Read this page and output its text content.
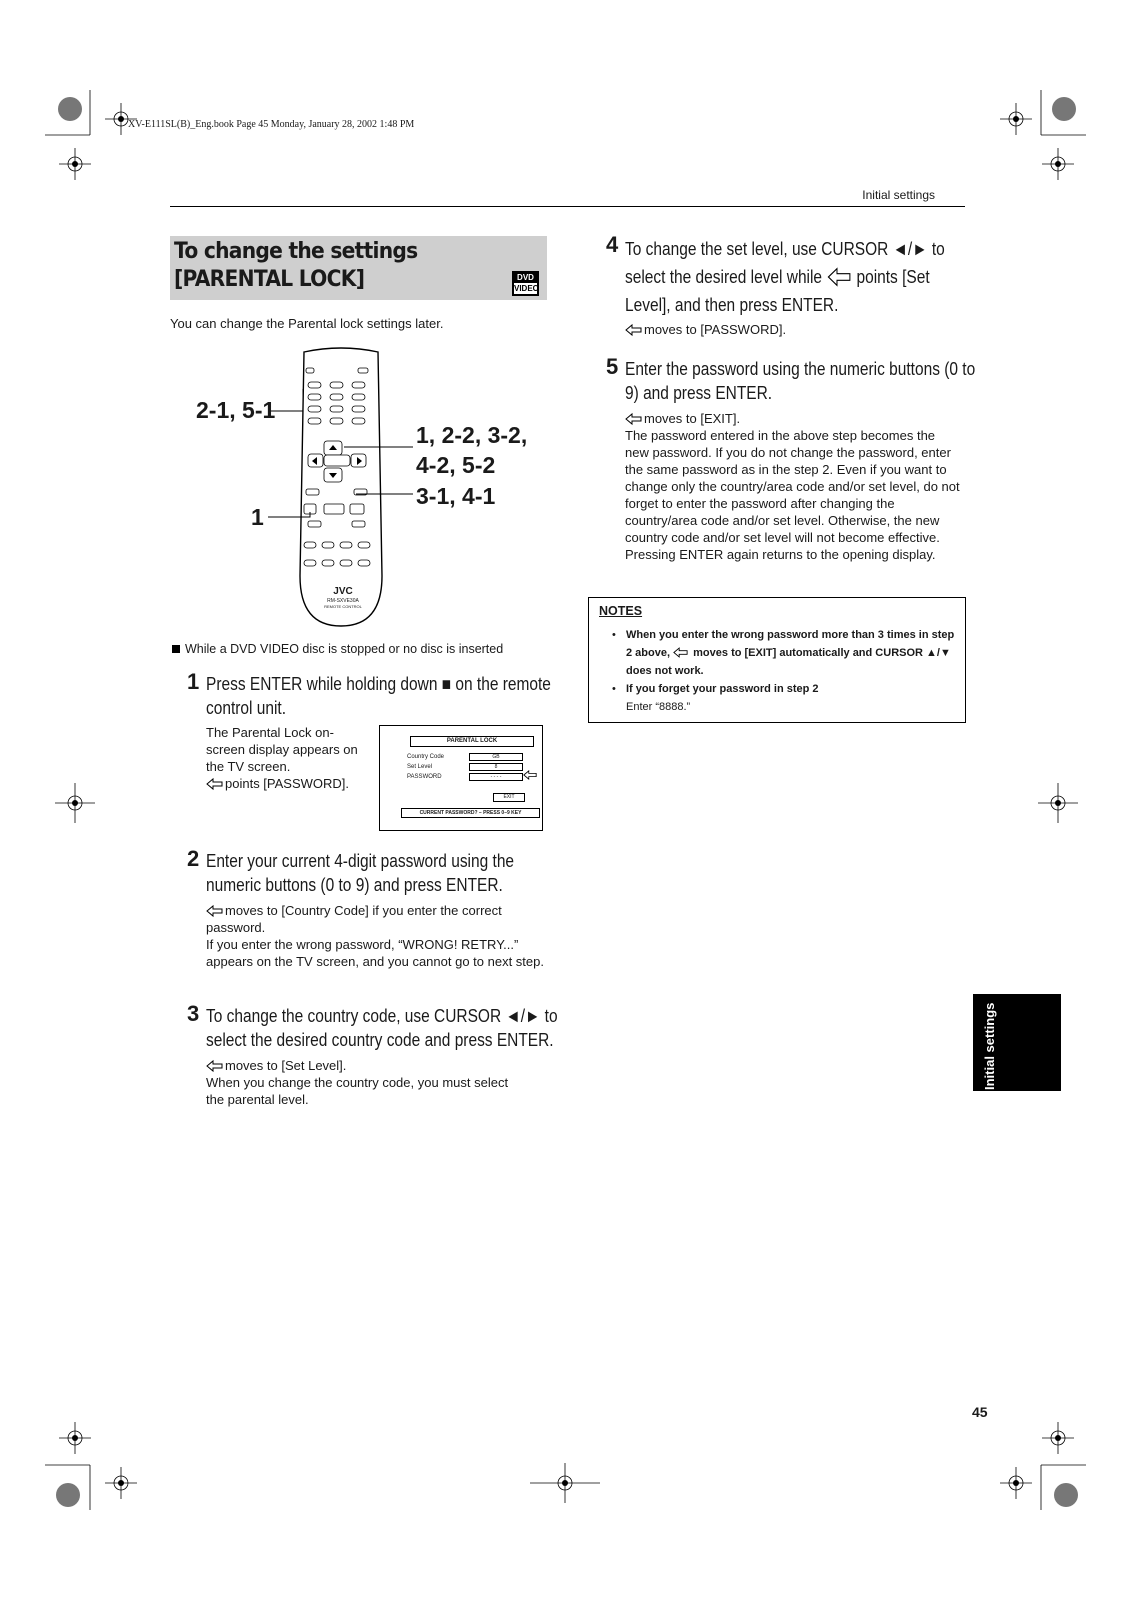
XV-E111SL(B)_Eng.book Page 45 Monday, January 28, 2002 1:48 PM
Initial settings
To change the settings [PARENTAL LOCK]	DVD
VIDEO
You can change the Parental lock settings later.
JVC
RM-SXVE30A
REMOTE CONTROL
2-1, 5-1
1
1, 2-2, 3-2,
4-2, 5-2
3-1, 4-1
While a DVD VIDEO disc is stopped or no disc is inserted
1 Press ENTER while holding down ■ on the remote control unit.
The Parental Lock on-screen display appears on the TV screen.
points [PASSWORD].
PARENTAL LOCK
Country Code	GB
Set Level	8
PASSWORD	- - - -
EXIT
CURRENT PASSWORD? – PRESS 0–9 KEY
2 Enter your current 4-digit password using the numeric buttons (0 to 9) and press ENTER.
moves to [Country Code] if you enter the correct password.
If you enter the wrong password, “WRONG! RETRY...” appears on the TV screen, and you cannot go to next step.
3 To change the country code, use CURSOR ◄/► to select the desired country code and press ENTER.
moves to [Set Level].
When you change the country code, you must select the parental level.
4 To change the set level, use CURSOR ◄/► to select the desired level while points [Set Level], and then press ENTER.
moves to [PASSWORD].
5 Enter the password using the numeric buttons (0 to 9) and press ENTER.
moves to [EXIT].
The password entered in the above step becomes the new password. If you do not change the password, enter the same password as in the step 2. Even if you want to change only the country/area code and/or set level, do not forget to enter the password after changing the country/area code and/or set level. Otherwise, the new country code and/or set level will not become effective.
Pressing ENTER again returns to the opening display.
NOTES
• When you enter the wrong password more than 3 times in step 2 above, moves to [EXIT] automatically and CURSOR ▲/▼ does not work.
• If you forget your password in step 2
Enter “8888.”
Initial settings
45
